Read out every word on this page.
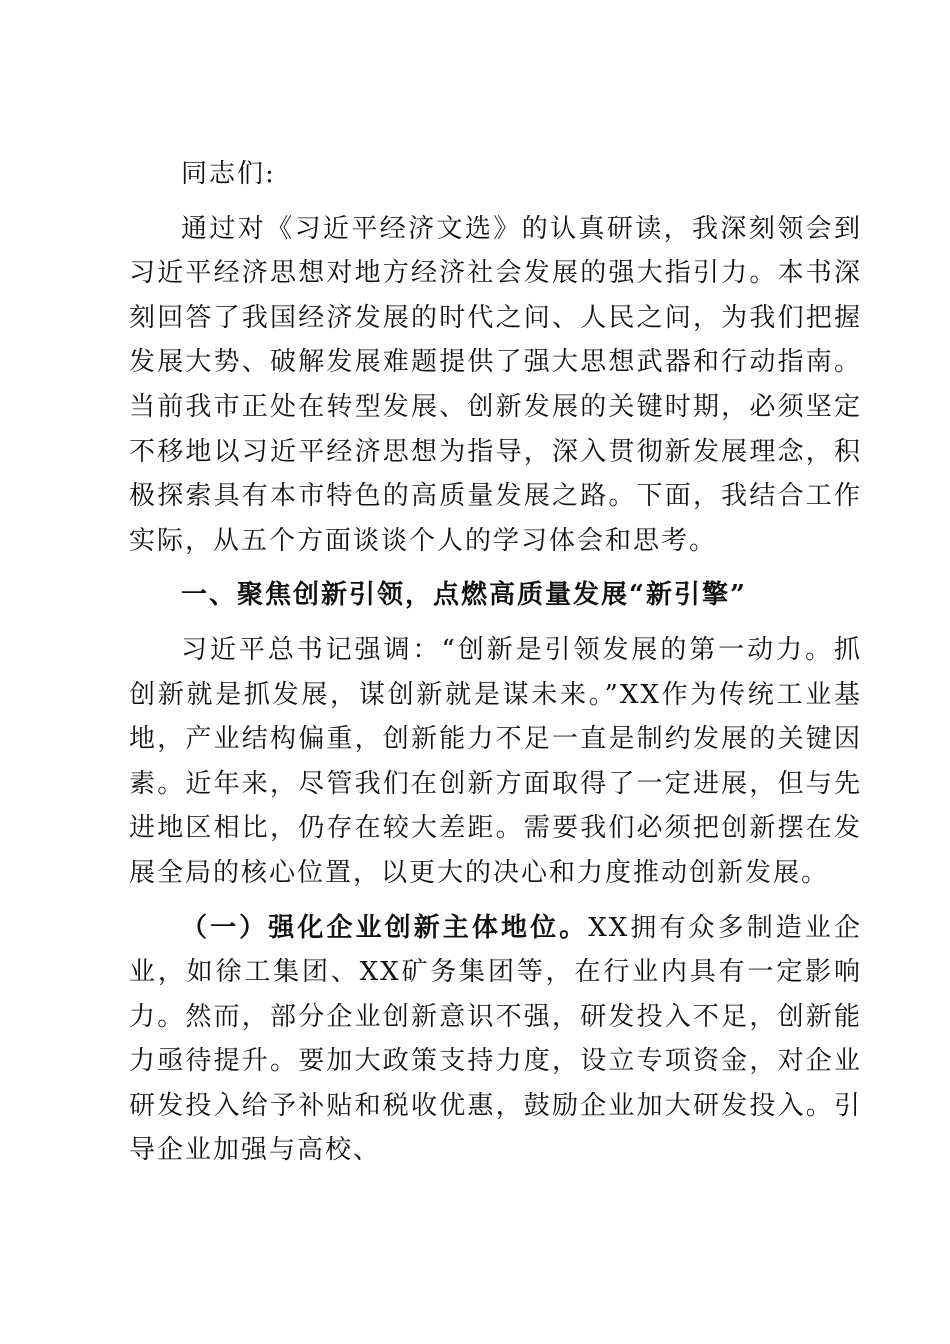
同志们:

通过对《习近平经济文选》的认真研读，我深刻领会到习近平经济思想对地方经济社会发展的强大指引力。本书深刻回答了我国经济发展的时代之问、人民之问，为我们把握发展大势、破解发展难题提供了强大思想武器和行动指南。当前我市正处在转型发展、创新发展的关键时期，必须坚定不移地以习近平经济思想为指导，深入贯彻新发展理念，积极探索具有本市特色的高质量发展之路。下面，我结合工作实际，从五个方面谈谈个人的学习体会和思考。

一、聚焦创新引领，点燃高质量发展“新引擎”

习近平总书记强调：“创新是引领发展的第一动力。抓创新就是抓发展，谋创新就是谋未来。”XX作为传统工业基地，产业结构偏重，创新能力不足一直是制约发展的关键因素。近年来，尽管我们在创新方面取得了一定进展，但与先进地区相比，仍存在较大差距。需要我们必须把创新摆在发展全局的核心位置，以更大的决心和力度推动创新发展。

（一）强化企业创新主体地位。XX拥有众多制造业企业，如徐工集团、XX矿务集团等，在行业内具有一定影响力。然而，部分企业创新意识不强，研发投入不足，创新能力亟待提升。要加大政策支持力度，设立专项资金，对企业研发投入给予补贴和税收优惠，鼓励企业加大研发投入。引导企业加强与高校、
